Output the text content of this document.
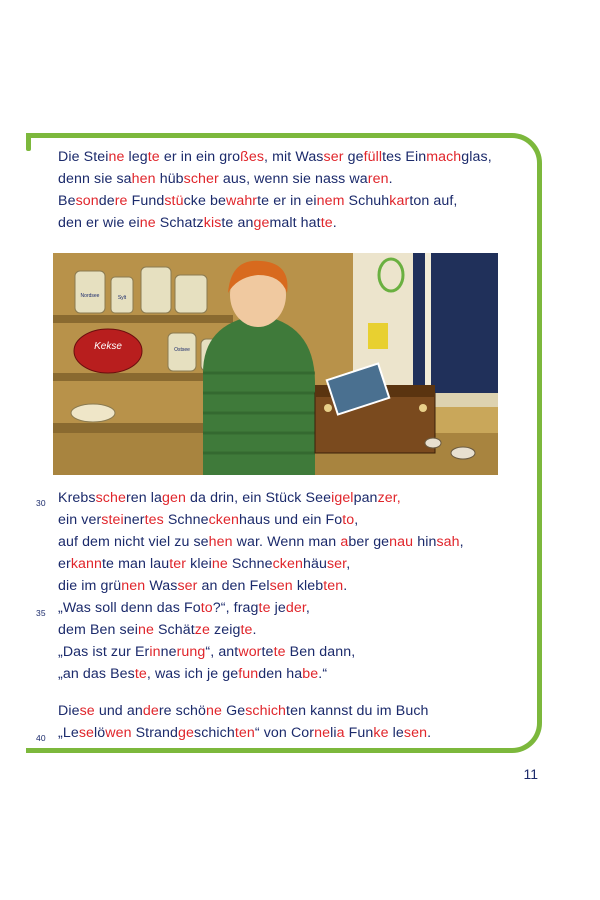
Die Steine legte er in ein großes, mit Wasser gefülltes Einmachglas,
denn sie sahen hübscher aus, wenn sie nass waren.
Besondere Fundstücke bewahrte er in einem Schuhkarton auf,
den er wie eine Schatzkiste angemalt hatte.
Nordsee	Sylt
Kekse	Ostsee
30 Krebsscheren lagen da drin, ein Stück Seeigelpanzer,
ein versteinertes Schneckenhaus und ein Foto,
auf dem nicht viel zu sehen war. Wenn man aber genau hinsah,
erkannte man lauter kleine Schneckenhäuser,
die im grünen Wasser an den Felsen klebten.
35 „Was soll denn das Foto?“, fragte jeder,
dem Ben seine Schätze zeigte.
„Das ist zur Erinnerung“, antwortete Ben dann,
„an das Beste, was ich je gefunden habe.“
Diese und andere schöne Geschichten kannst du im Buch
40 „Leselöwen Strandgeschichten“ von Cornelia Funke lesen.
11
